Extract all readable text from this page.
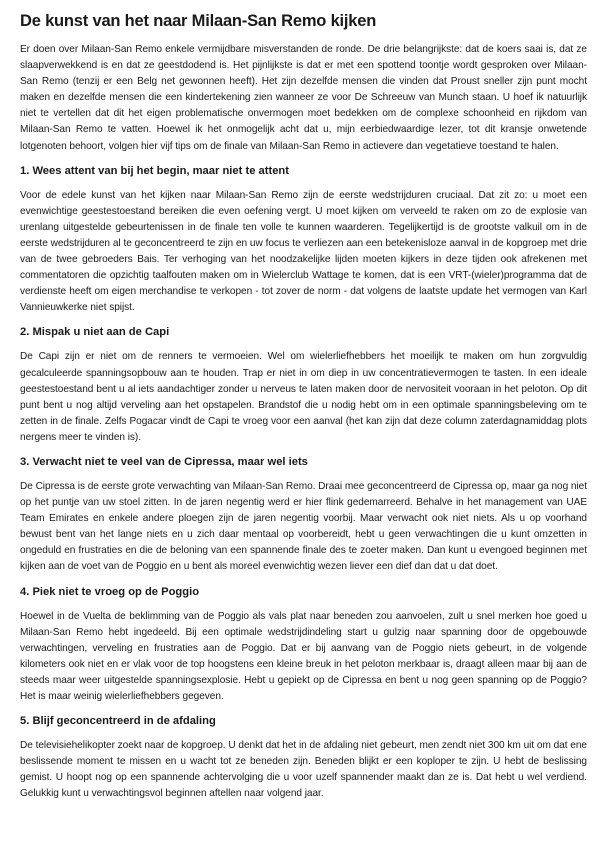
De kunst van het naar Milaan-San Remo kijken

Er doen over Milaan-San Remo enkele vermijdbare misverstanden de ronde. De drie belangrijkste: dat de koers saai is, dat ze slaapverwekkend is en dat ze geestdodend is. Het pijnlijkste is dat er met een spottend toontje wordt gesproken over Milaan-San Remo (tenzij er een Belg net gewonnen heeft). Het zijn dezelfde mensen die vinden dat Proust sneller zijn punt mocht maken en dezelfde mensen die een kindertekening zien wanneer ze voor De Schreeuw van Munch staan. U hoef ik natuurlijk niet te vertellen dat dit het eigen problematische onvermogen moet bedekken om de complexe schoonheid en rijkdom van Milaan-San Remo te vatten. Hoewel ik het onmogelijk acht dat u, mijn eerbiedwaardige lezer, tot dit kransje onwetende lotgenoten behoort, volgen hier vijf tips om de finale van Milaan-San Remo in actievere dan vegetatieve toestand te halen.

1. Wees attent van bij het begin, maar niet te attent

Voor de edele kunst van het kijken naar Milaan-San Remo zijn de eerste wedstrijduren cruciaal. Dat zit zo: u moet een evenwichtige geestestoestand bereiken die even oefening vergt. U moet kijken om verveeld te raken om zo de explosie van urenlang uitgestelde gebeurtenissen in de finale ten volle te kunnen waarderen. Tegelijkertijd is de grootste valkuil om in de eerste wedstrijduren al te geconcentreerd te zijn en uw focus te verliezen aan een betekenisloze aanval in de kopgroep met drie van de twee gebroeders Bais. Ter verhoging van het noodzakelijke lijden moeten kijkers in deze tijden ook afrekenen met commentatoren die opzichtig taalfouten maken om in Wielerclub Wattage te komen, dat is een VRT-(wieler)programma dat de verdienste heeft om eigen merchandise te verkopen - tot zover de norm - dat volgens de laatste update het vermogen van Karl Vannieuwkerke niet spijst.

2. Mispak u niet aan de Capi

De Capi zijn er niet om de renners te vermoeien. Wel om wielerliefhebbers het moeilijk te maken om hun zorgvuldig gecalculeerde spanningsopbouw aan te houden. Trap er niet in om diep in uw concentratievermogen te tasten. In een ideale geestestoestand bent u al iets aandachtiger zonder u nerveus te laten maken door de nervositeit vooraan in het peloton. Op dit punt bent u nog altijd verveling aan het opstapelen. Brandstof die u nodig hebt om in een optimale spanningsbeleving om te zetten in de finale. Zelfs Pogacar vindt de Capi te vroeg voor een aanval (het kan zijn dat deze column zaterdagnamiddag plots nergens meer te vinden is).

3. Verwacht niet te veel van de Cipressa, maar wel iets

De Cipressa is de eerste grote verwachting van Milaan-San Remo. Draai mee geconcentreerd de Cipressa op, maar ga nog niet op het puntje van uw stoel zitten. In de jaren negentig werd er hier flink gedemarreerd. Behalve in het management van UAE Team Emirates en enkele andere ploegen zijn de jaren negentig voorbij. Maar verwacht ook niet niets. Als u op voorhand bewust bent van het lange niets en u zich daar mentaal op voorbereidt, hebt u geen verwachtingen die u kunt omzetten in ongeduld en frustraties en die de beloning van een spannende finale des te zoeter maken. Dan kunt u evengoed beginnen met kijken aan de voet van de Poggio en u bent als moreel evenwichtig wezen liever een dief dan dat u dat doet.

4. Piek niet te vroeg op de Poggio

Hoewel in de Vuelta de beklimming van de Poggio als vals plat naar beneden zou aanvoelen, zult u snel merken hoe goed u Milaan-San Remo hebt ingedeeld. Bij een optimale wedstrijdindeling start u gulzig naar spanning door de opgebouwde verwachtingen, verveling en frustraties aan de Poggio. Dat er bij aanvang van de Poggio niets gebeurt, in de volgende kilometers ook niet en er vlak voor de top hoogstens een kleine breuk in het peloton merkbaar is, draagt alleen maar bij aan de steeds maar weer uitgestelde spanningsexplosie. Hebt u gepiekt op de Cipressa en bent u nog geen spanning op de Poggio? Het is maar weinig wielerliefhebbers gegeven.

5. Blijf geconcentreerd in de afdaling

De televisiehelikopter zoekt naar de kopgroep. U denkt dat het in de afdaling niet gebeurt, men zendt niet 300 km uit om dat ene beslissende moment te missen en u wacht tot ze beneden zijn. Beneden blijkt er een koploper te zijn. U hebt de beslissing gemist. U hoopt nog op een spannende achtervolging die u voor uzelf spannender maakt dan ze is. Dat hebt u wel verdiend. Gelukkig kunt u verwachtingsvol beginnen aftellen naar volgend jaar.
